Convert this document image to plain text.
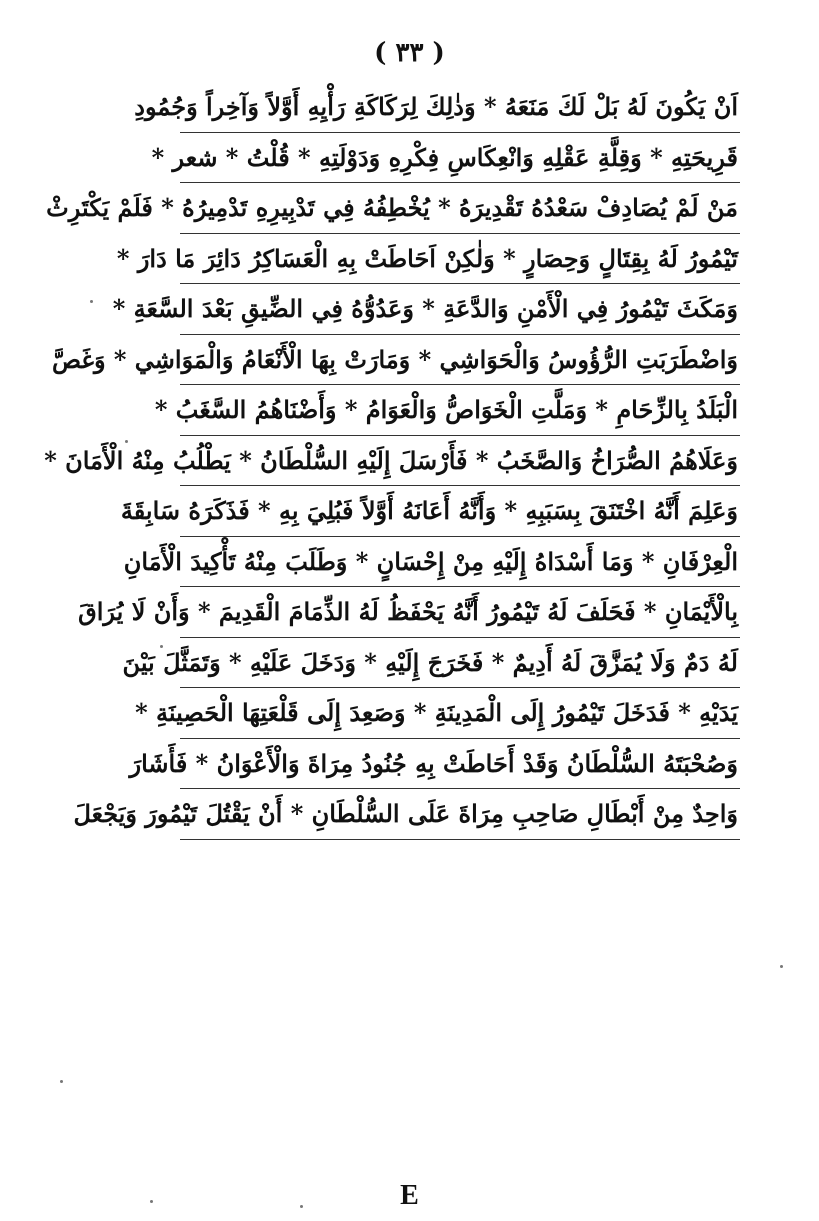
( ٣٣ )
اَنْ يَكُونَ لَهُ بَلْ لَكَ مَنَعَهُ * وَذٰلِكَ لِرَكَاكَةِ رَأْيِهِ أَوَّلاً وَآخِراً وَجُمُودِ
قَرِيحَتِهِ * وَقِلَّةِ عَقْلِهِ وَانْعِكَاسِ فِكْرِهِ وَدَوْلَتِهِ * قُلْتُ * شعر *
مَنْ لَمْ يُصَادِفْ سَعْدُهُ تَقْدِيرَهُ * يُخْطِفُهُ فِي تَدْبِيرِهِ تَدْمِيرُهُ * فَلَمْ يَكْتَرِثْ
تَيْمُورُ لَهُ بِقِتَالٍ وَحِصَارٍ * وَلٰكِنْ اَحَاطَتْ بِهِ الْعَسَاكِرُ دَائِرَ مَا دَارَ *
وَمَكَثَ تَيْمُورُ فِي الْأَمْنِ وَالدَّعَةِ * وَعَدُوُّهُ فِي الضِّيقِ بَعْدَ السَّعَةِ *
وَاضْطَرَبَتِ الرُّؤُوسُ وَالْحَوَاشِي * وَمَارَتْ بِهَا الْأَنْعَامُ وَالْمَوَاشِي * وَغَصَّ
الْبَلَدُ بِالزِّحَامِ * وَمَلَّتِ الْخَوَاصُّ وَالْعَوَامُ * وَأَضْنَاهُمُ السَّغَبُ *
وَعَلَاهُمُ الصُّرَاخُ وَالصَّخَبُ * فَأَرْسَلَ إِلَيْهِ السُّلْطَانُ * يَطْلُبُ مِنْهُ الْأَمَانَ *
وَعَلِمَ أَنَّهُ اخْتَنَقَ بِسَبَبِهِ * وَأَنَّهُ أَعَانَهُ أَوَّلاً فَبُلِيَ بِهِ * فَذَكَرَهُ سَابِقَةَ
الْعِرْفَانِ * وَمَا أَسْدَاهُ إِلَيْهِ مِنْ إِحْسَانٍ * وَطَلَبَ مِنْهُ تَأْكِيدَ الْأَمَانِ
بِالْأَيْمَانِ * فَحَلَفَ لَهُ تَيْمُورُ أَنَّهُ يَحْفَظُ لَهُ الذِّمَامَ الْقَدِيمَ * وَأَنْ لَا يُرَاقَ
لَهُ دَمٌ وَلَا يُمَزَّقَ لَهُ أَدِيمٌ * فَخَرَجَ إِلَيْهِ * وَدَخَلَ عَلَيْهِ * وَتَمَثَّلَ بَيْنَ
يَدَيْهِ * فَدَخَلَ تَيْمُورُ إِلَى الْمَدِينَةِ * وَصَعِدَ إِلَى قَلْعَتِهَا الْحَصِينَةِ *
وَصُحْبَتَهُ السُّلْطَانُ وَقَدْ أَحَاطَتْ بِهِ جُنُودُ مِرَاةَ وَالْأَعْوَانُ * فَأَشَارَ
وَاحِدٌ مِنْ أَبْطَالِ صَاحِبِ مِرَاةَ عَلَى السُّلْطَانِ * أَنْ يَقْتُلَ تَيْمُورَ وَيَجْعَلَ
E
